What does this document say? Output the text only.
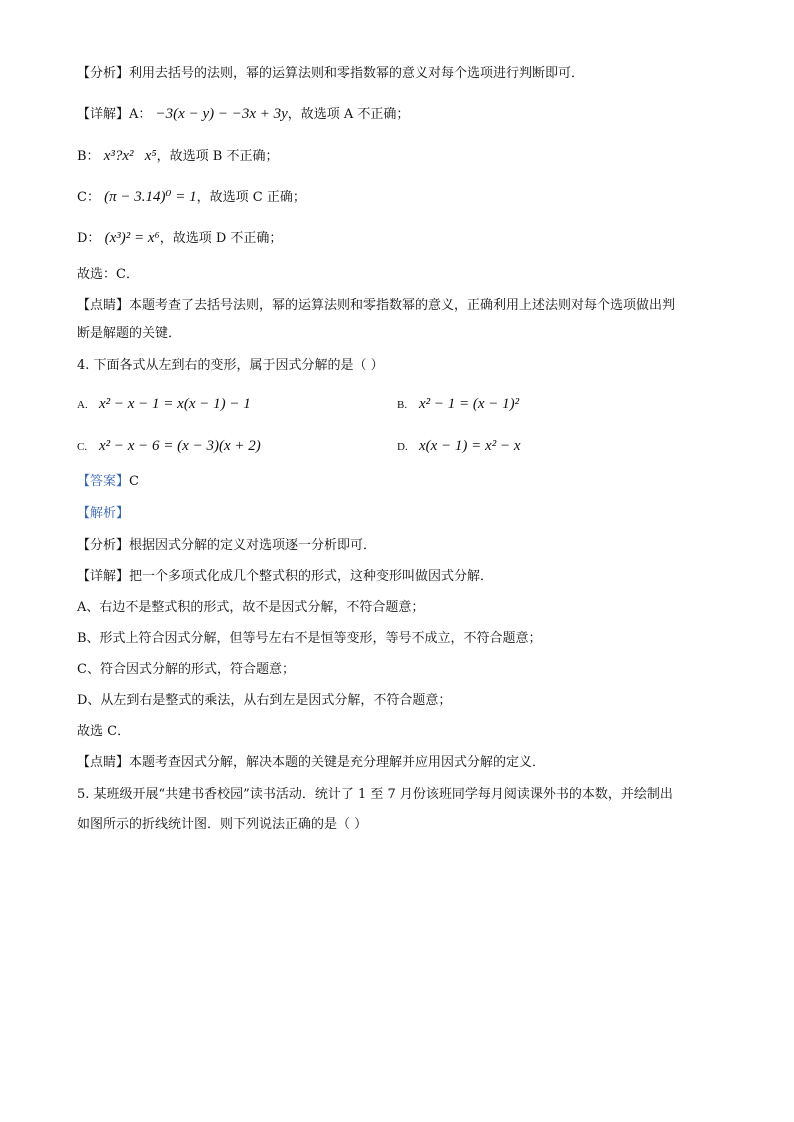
【分析】利用去括号的法则，幂的运算法则和零指数幂的意义对每个选项进行判断即可．
【详解】A： −3(x − y) − −3x + 3y，故选项 A 不正确；
B： x³?x²   x⁵，故选项 B 不正确；
C： (π − 3.14)⁰ = 1，故选项 C 正确；
D： (x³)² = x⁶，故选项 D 不正确；
故选：C．
【点睛】本题考查了去括号法则，幂的运算法则和零指数幂的意义，正确利用上述法则对每个选项做出判
断是解题的关键．
4. 下面各式从左到右的变形，属于因式分解的是（ ）
A. x² − x − 1 = x(x − 1) − 1	B. x² − 1 = (x − 1)²
C. x² − x − 6 = (x − 3)(x + 2)	D. x(x − 1) = x² − x
【答案】C
【解析】
【分析】根据因式分解的定义对选项逐一分析即可．
【详解】把一个多项式化成几个整式积的形式，这种变形叫做因式分解．
A、右边不是整式积的形式，故不是因式分解，不符合题意；
B、形式上符合因式分解，但等号左右不是恒等变形，等号不成立，不符合题意；
C、符合因式分解的形式，符合题意；
D、从左到右是整式的乘法，从右到左是因式分解，不符合题意；
故选 C．
【点睛】本题考查因式分解，解决本题的关键是充分理解并应用因式分解的定义．
5. 某班级开展“共建书香校园”读书活动．统计了 1 至 7 月份该班同学每月阅读课外书的本数，并绘制出
如图所示的折线统计图．则下列说法正确的是（ ）
